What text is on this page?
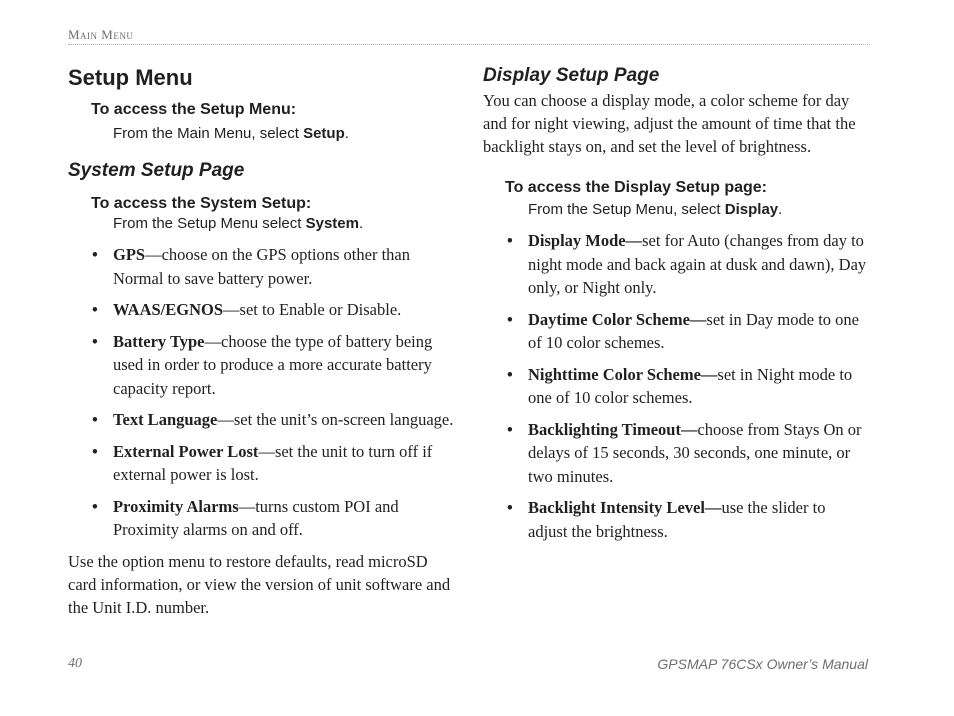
Main Menu
Setup Menu
To access the Setup Menu:
From the Main Menu, select Setup.
System Setup Page
To access the System Setup:
From the Setup Menu select System.
• GPS—choose on the GPS options other than Normal to save battery power.
• WAAS/EGNOS—set to Enable or Disable.
• Battery Type—choose the type of battery being used in order to produce a more accurate battery capacity report.
• Text Language—set the unit’s on-screen language.
• External Power Lost—set the unit to turn off if external power is lost.
• Proximity Alarms—turns custom POI and Proximity alarms on and off.
Use the option menu to restore defaults, read microSD card information, or view the version of unit software and the Unit I.D. number.
Display Setup Page
You can choose a display mode, a color scheme for day and for night viewing, adjust the amount of time that the backlight stays on, and set the level of brightness.
To access the Display Setup page:
From the Setup Menu, select Display.
• Display Mode—set for Auto (changes from day to night mode and back again at dusk and dawn), Day only, or Night only.
• Daytime Color Scheme—set in Day mode to one of 10 color schemes.
• Nighttime Color Scheme—set in Night mode to one of 10 color schemes.
• Backlighting Timeout—choose from Stays On or delays of 15 seconds, 30 seconds, one minute, or two minutes.
• Backlight Intensity Level—use the slider to adjust the brightness.
40	GPSMAP 76CSx Owner’s Manual
